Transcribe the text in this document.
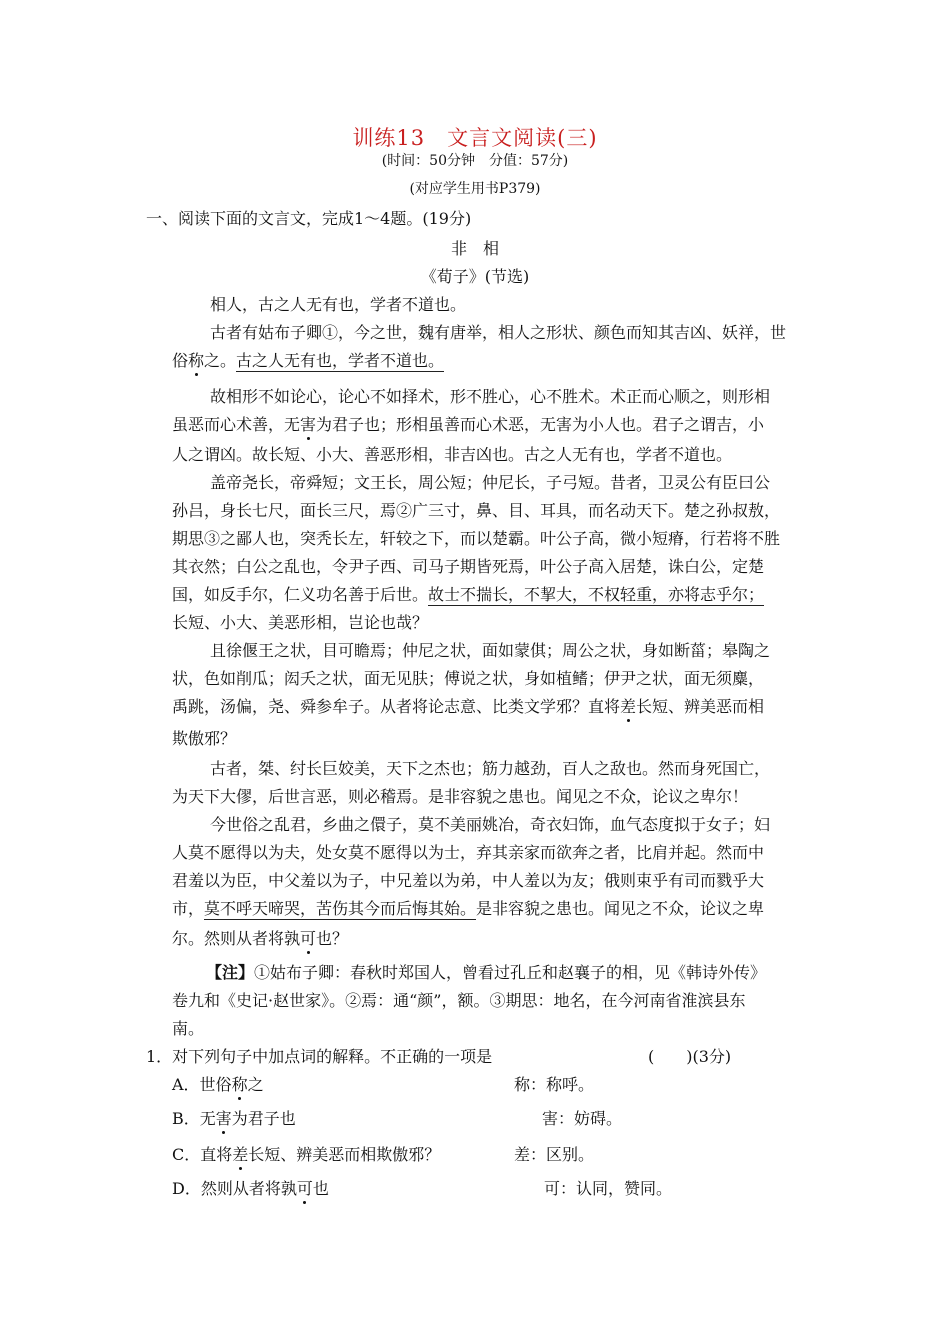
训练13　文言文阅读(三)
(时间：50分钟　分值：57分)
(对应学生用书P379)
一、阅读下面的文言文，完成1～4题。(19分)
非　相
《荀子》(节选)
相人，古之人无有也，学者不道也。
古者有姑布子卿①，今之世，魏有唐举，相人之形状、颜色而知其吉凶、妖祥，世
俗称之。古之人无有也，学者不道也。
故相形不如论心，论心不如择术，形不胜心，心不胜术。术正而心顺之，则形相
虽恶而心术善，无害为君子也；形相虽善而心术恶，无害为小人也。君子之谓吉，小
人之谓凶。故长短、小大、善恶形相，非吉凶也。古之人无有也，学者不道也。
盖帝尧长，帝舜短；文王长，周公短；仲尼长，子弓短。昔者，卫灵公有臣曰公
孙吕，身长七尺，面长三尺，焉②广三寸，鼻、目、耳具，而名动天下。楚之孙叔敖，
期思③之鄙人也，突秃长左，轩较之下，而以楚霸。叶公子高，微小短瘠，行若将不胜
其衣然；白公之乱也，令尹子西、司马子期皆死焉，叶公子高入居楚，诛白公，定楚
国，如反手尔，仁义功名善于后世。故士不揣长，不挈大，不权轻重，亦将志乎尔；
长短、小大、美恶形相，岂论也哉？
且徐偃王之状，目可瞻焉；仲尼之状，面如蒙倛；周公之状，身如断菑；皋陶之
状，色如削瓜；闳夭之状，面无见肤；傅说之状，身如植鳍；伊尹之状，面无须麋，
禹跳，汤偏，尧、舜参牟子。从者将论志意、比类文学邪？直将差长短、辨美恶而相
欺傲邪？
古者，桀、纣长巨姣美，天下之杰也；筋力越劲，百人之敌也。然而身死国亡，
为天下大僇，后世言恶，则必稽焉。是非容貌之患也。闻见之不众，论议之卑尔！
今世俗之乱君，乡曲之儇子，莫不美丽姚冶，奇衣妇饰，血气态度拟于女子；妇
人莫不愿得以为夫，处女莫不愿得以为士，弃其亲家而欲奔之者，比肩并起。然而中
君羞以为臣，中父羞以为子，中兄羞以为弟，中人羞以为友；俄则束乎有司而戮乎大
市，莫不呼天啼哭，苦伤其今而后悔其始。是非容貌之患也。闻见之不众，论议之卑
尔。然则从者将孰可也？
【注】①姑布子卿：春秋时郑国人，曾看过孔丘和赵襄子的相，见《韩诗外传》
卷九和《史记·赵世家》。②焉：通“颜”，额。③期思：地名，在今河南省淮滨县东
南。
1．对下列句子中加点词的解释。不正确的一项是	(　　)(3分)
A．世俗称之	称：称呼。
B．无害为君子也	害：妨碍。
C．直将差长短、辨美恶而相欺傲邪？	差：区别。
D．然则从者将孰可也	可：认同，赞同。
